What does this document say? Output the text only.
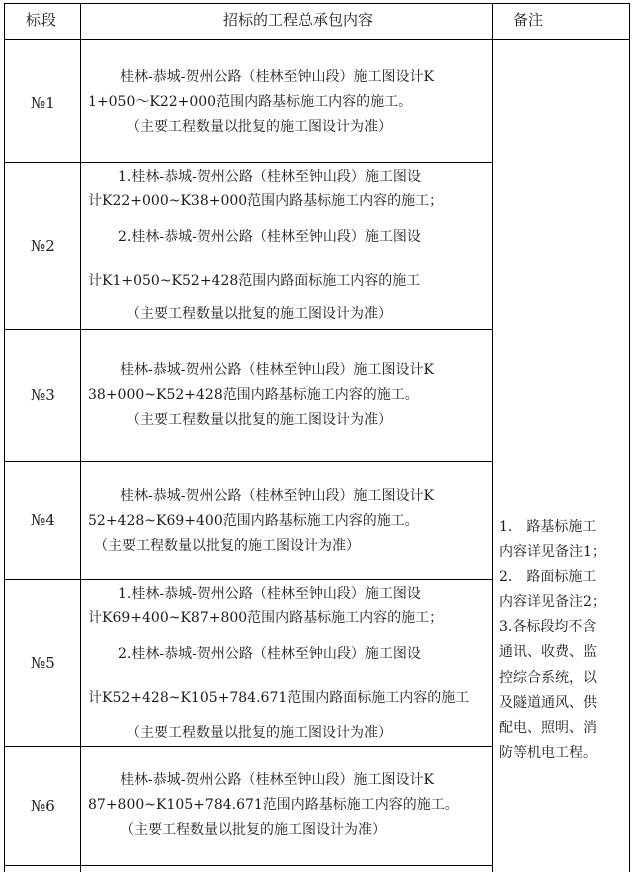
标段	招标的工程总承包内容	备注
№1
桂林-恭城-贺州公路（桂林至钟山段）施工图设计K
1+050～K22+000范围内路基标施工内容的施工。
（主要工程数量以批复的施工图设计为准）
№2
1.桂林-恭城-贺州公路（桂林至钟山段）施工图设
计K22+000~K38+000范围内路基标施工内容的施工；
2.桂林-恭城-贺州公路（桂林至钟山段）施工图设
计K1+050~K52+428范围内路面标施工内容的施工
（主要工程数量以批复的施工图设计为准）
№3
桂林-恭城-贺州公路（桂林至钟山段）施工图设计K
38+000~K52+428范围内路基标施工内容的施工。
（主要工程数量以批复的施工图设计为准）
№4
桂林-恭城-贺州公路（桂林至钟山段）施工图设计K
52+428~K69+400范围内路基标施工内容的施工。
（主要工程数量以批复的施工图设计为准）
№5
1.桂林-恭城-贺州公路（桂林至钟山段）施工图设
计K69+400~K87+800范围内路基标施工内容的施工；
2.桂林-恭城-贺州公路（桂林至钟山段）施工图设
计K52+428~K105+784.671范围内路面标施工内容的施工
（主要工程数量以批复的施工图设计为准）
№6
桂林-恭城-贺州公路（桂林至钟山段）施工图设计K
87+800~K105+784.671范围内路基标施工内容的施工。
（主要工程数量以批复的施工图设计为准）
1.　路基标施工
内容详见备注1；
2.　路面标施工
内容详见备注2；
3.各标段均不含
通讯、收费、监
控综合系统，以
及隧道通风、供
配电、照明、消
防等机电工程。
